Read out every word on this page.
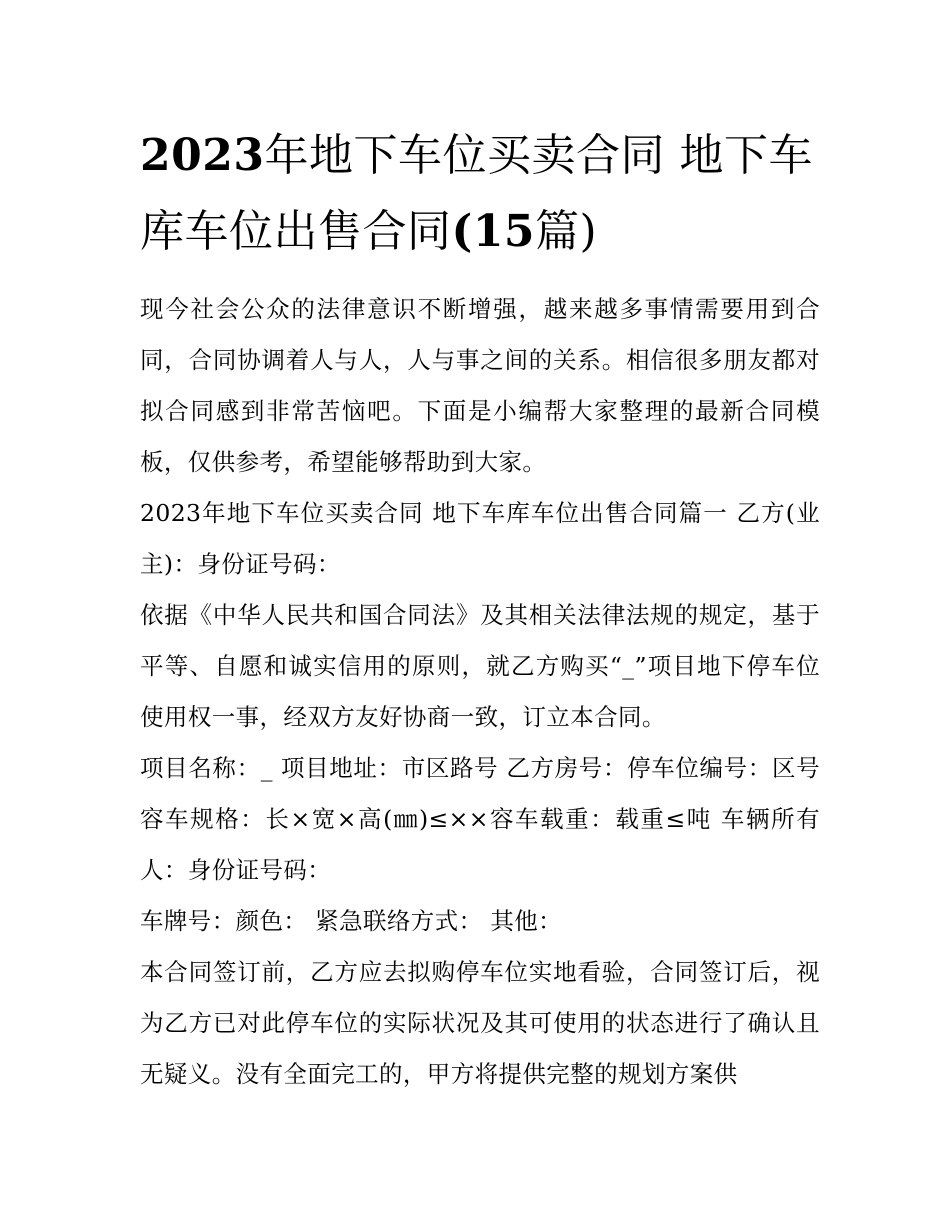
2023年地下车位买卖合同 地下车库车位出售合同(15篇)

现今社会公众的法律意识不断增强，越来越多事情需要用到合同，合同协调着人与人，人与事之间的关系。相信很多朋友都对拟合同感到非常苦恼吧。下面是小编帮大家整理的最新合同模板，仅供参考，希望能够帮助到大家。

2023年地下车位买卖合同 地下车库车位出售合同篇一 乙方(业主)：身份证号码：

依据《中华人民共和国合同法》及其相关法律法规的规定，基于平等、自愿和诚实信用的原则，就乙方购买“_”项目地下停车位使用权一事，经双方友好协商一致，订立本合同。

项目名称：_ 项目地址：市区路号 乙方房号：停车位编号：区号 容车规格：长×宽×高(㎜)≤××容车载重：载重≤吨 车辆所有人：身份证号码：

车牌号：颜色： 紧急联络方式： 其他：

本合同签订前，乙方应去拟购停车位实地看验，合同签订后，视为乙方已对此停车位的实际状况及其可使用的状态进行了确认且无疑义。没有全面完工的，甲方将提供完整的规划方案供
